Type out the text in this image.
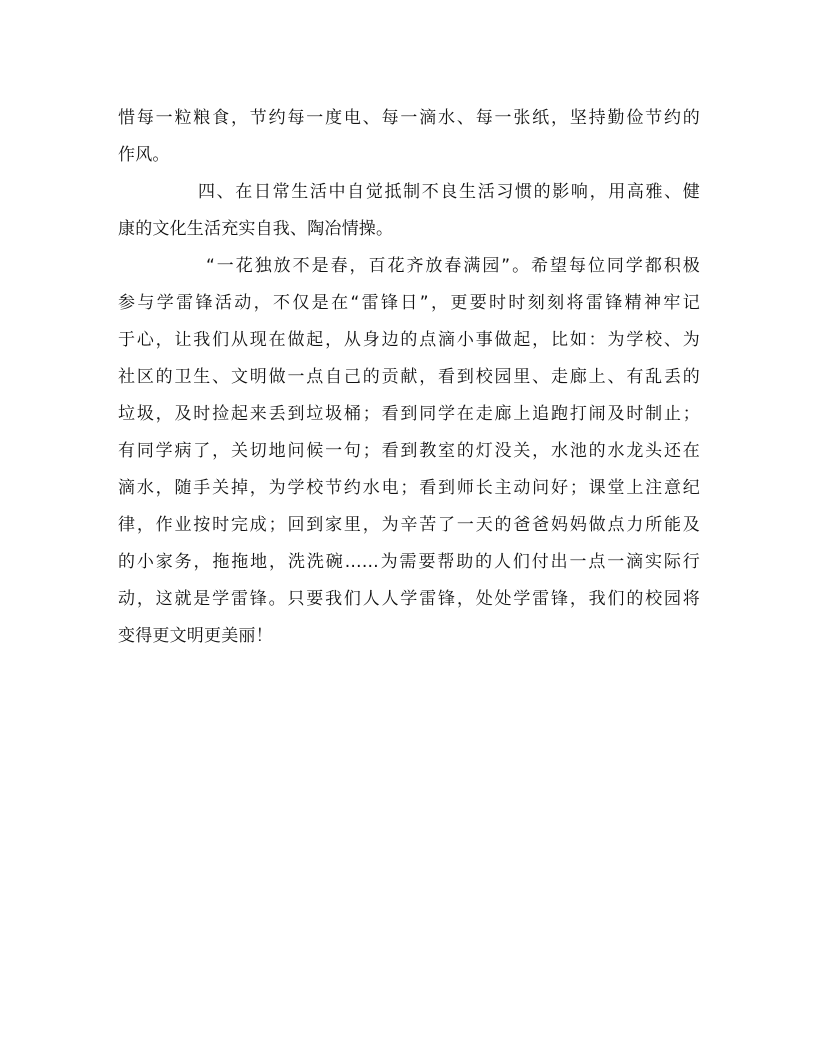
惜每一粒粮食，节约每一度电、每一滴水、每一张纸，坚持勤俭节约的
作风。
四、在日常生活中自觉抵制不良生活习惯的影响，用高雅、健
康的文化生活充实自我、陶冶情操。
“一花独放不是春，百花齐放春满园”。希望每位同学都积极
参与学雷锋活动，不仅是在“雷锋日”，更要时时刻刻将雷锋精神牢记
于心，让我们从现在做起，从身边的点滴小事做起，比如：为学校、为
社区的卫生、文明做一点自己的贡献，看到校园里、走廊上、有乱丢的
垃圾，及时捡起来丢到垃圾桶；看到同学在走廊上追跑打闹及时制止；
有同学病了，关切地问候一句；看到教室的灯没关，水池的水龙头还在
滴水，随手关掉，为学校节约水电；看到师长主动问好；课堂上注意纪
律，作业按时完成；回到家里，为辛苦了一天的爸爸妈妈做点力所能及
的小家务，拖拖地，洗洗碗……为需要帮助的人们付出一点一滴实际行
动，这就是学雷锋。只要我们人人学雷锋，处处学雷锋，我们的校园将
变得更文明更美丽！
